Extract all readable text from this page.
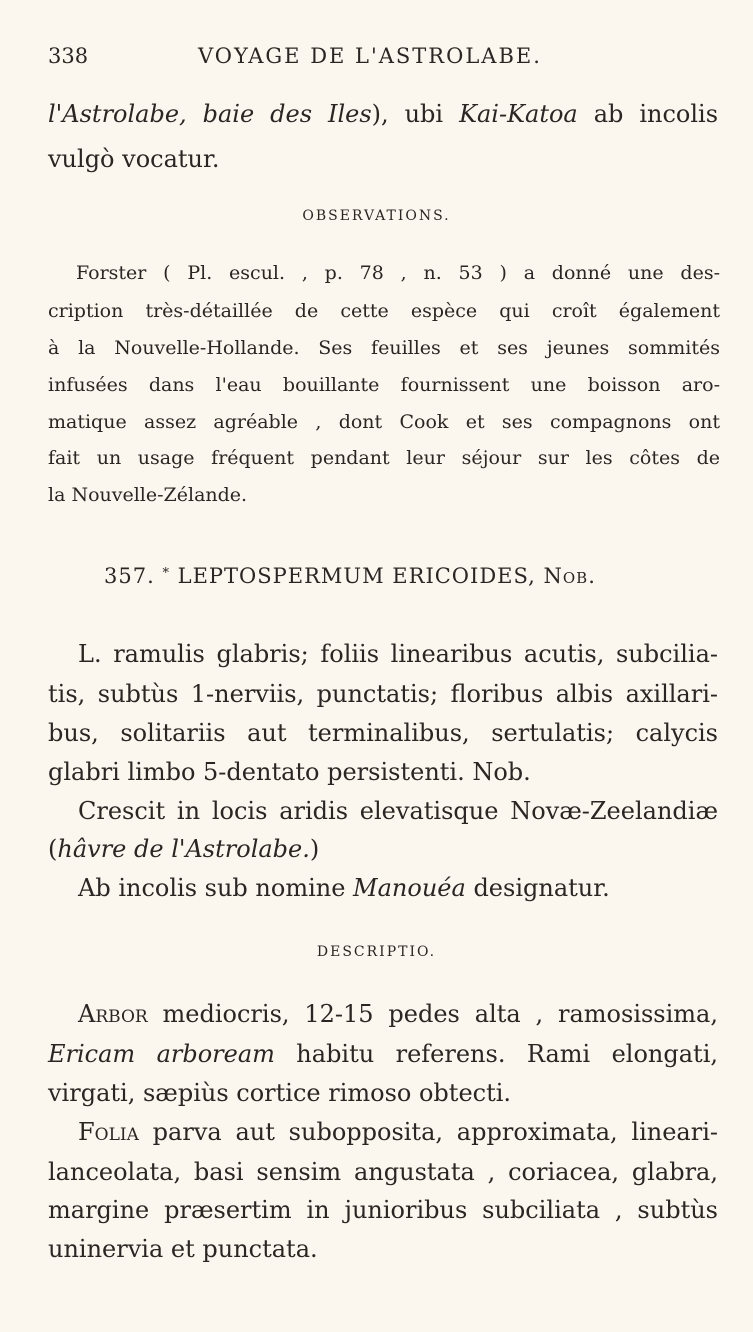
338	VOYAGE DE L'ASTROLABE.
l'Astrolabe, baie des Iles), ubi Kai-Katoa ab incolis
vulgò vocatur.
OBSERVATIONS.
Forster ( Pl. escul. , p. 78 , n. 53 ) a donné une des-
cription très-détaillée de cette espèce qui croît également
à la Nouvelle-Hollande. Ses feuilles et ses jeunes sommités
infusées dans l'eau bouillante fournissent une boisson aro-
matique assez agréable , dont Cook et ses compagnons ont
fait un usage fréquent pendant leur séjour sur les côtes de
la Nouvelle-Zélande.
357. * LEPTOSPERMUM ERICOIDES, Nob.
L. ramulis glabris; foliis linearibus acutis, subcilia-
tis, subtùs 1-nerviis, punctatis; floribus albis axillari-
bus, solitariis aut terminalibus, sertulatis; calycis
glabri limbo 5-dentato persistenti. Nob.
Crescit in locis aridis elevatisque Novæ-Zeelandiæ
(hâvre de l'Astrolabe.)
Ab incolis sub nomine Manouéa designatur.
DESCRIPTIO.
Arbor mediocris, 12-15 pedes alta , ramosissima,
Ericam arboream habitu referens. Rami elongati,
virgati, sæpiùs cortice rimoso obtecti.
Folia parva aut subopposita, approximata, lineari-
lanceolata, basi sensim angustata , coriacea, glabra,
margine præsertim in junioribus subciliata , subtùs
uninervia et punctata.
